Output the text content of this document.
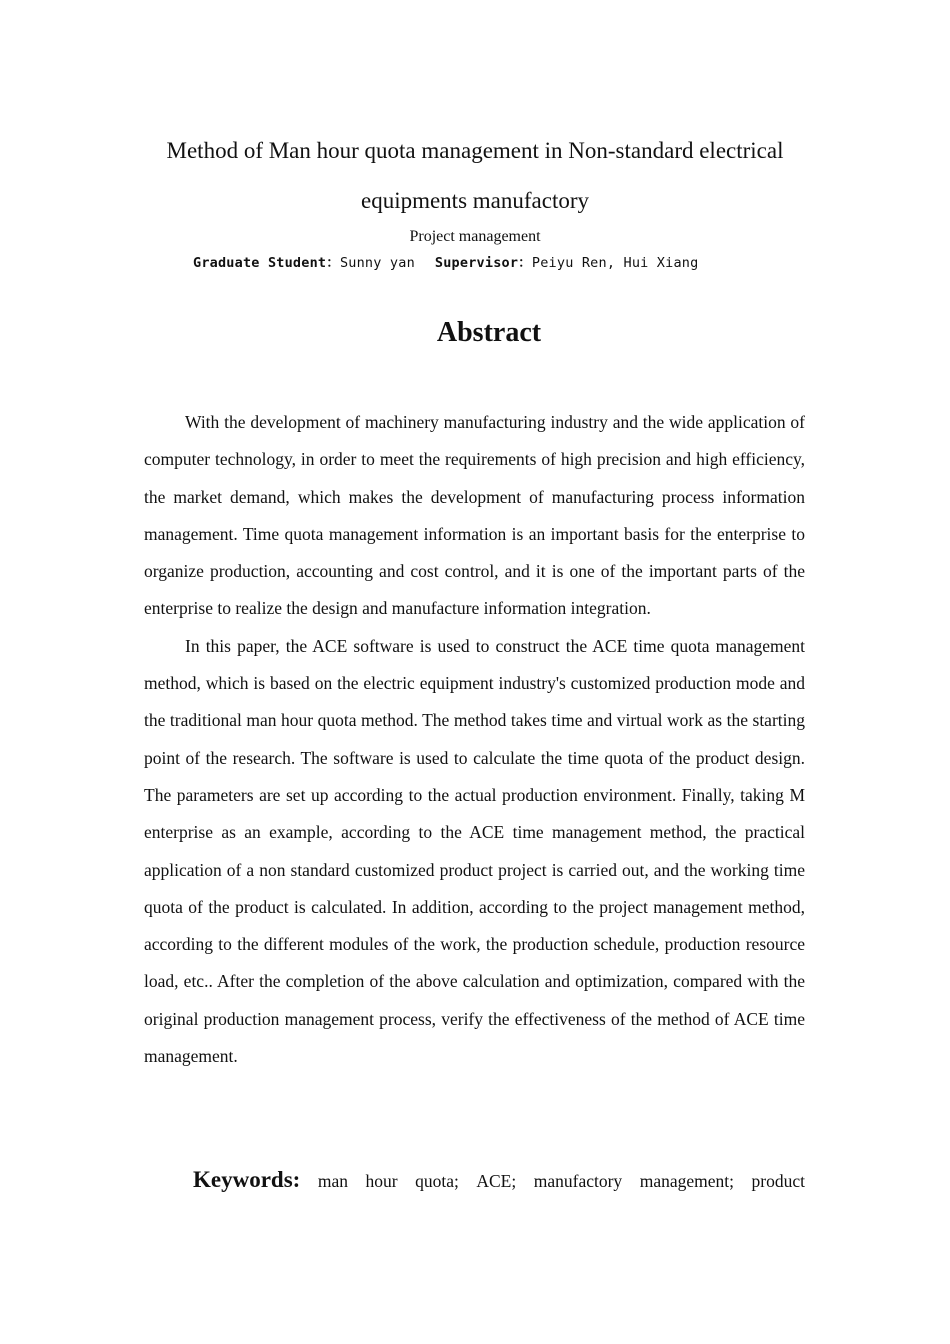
Method of Man hour quota management in Non-standard electrical
equipments manufactory
Project management
Graduate Student：Sunny yan Supervisor：Peiyu Ren, Hui Xiang
Abstract

With the development of machinery manufacturing industry and the wide application of computer technology, in order to meet the requirements of high precision and high efficiency, the market demand, which makes the development of manufacturing process information management. Time quota management information is an important basis for the enterprise to organize production, accounting and cost control, and it is one of the important parts of the enterprise to realize the design and manufacture information integration.

In this paper, the ACE software is used to construct the ACE time quota management method, which is based on the electric equipment industry's customized production mode and the traditional man hour quota method. The method takes time and virtual work as the starting point of the research. The software is used to calculate the time quota of the product design. The parameters are set up according to the actual production environment. Finally, taking M enterprise as an example, according to the ACE time management method, the practical application of a non standard customized product project is carried out, and the working time quota of the product is calculated. In addition, according to the project management method, according to the different modules of the work, the production schedule, production resource load, etc.. After the completion of the above calculation and optimization, compared with the original production management process, verify the effectiveness of the method of ACE time management.

Keywords: man hour quota; ACE; manufactory management; product
